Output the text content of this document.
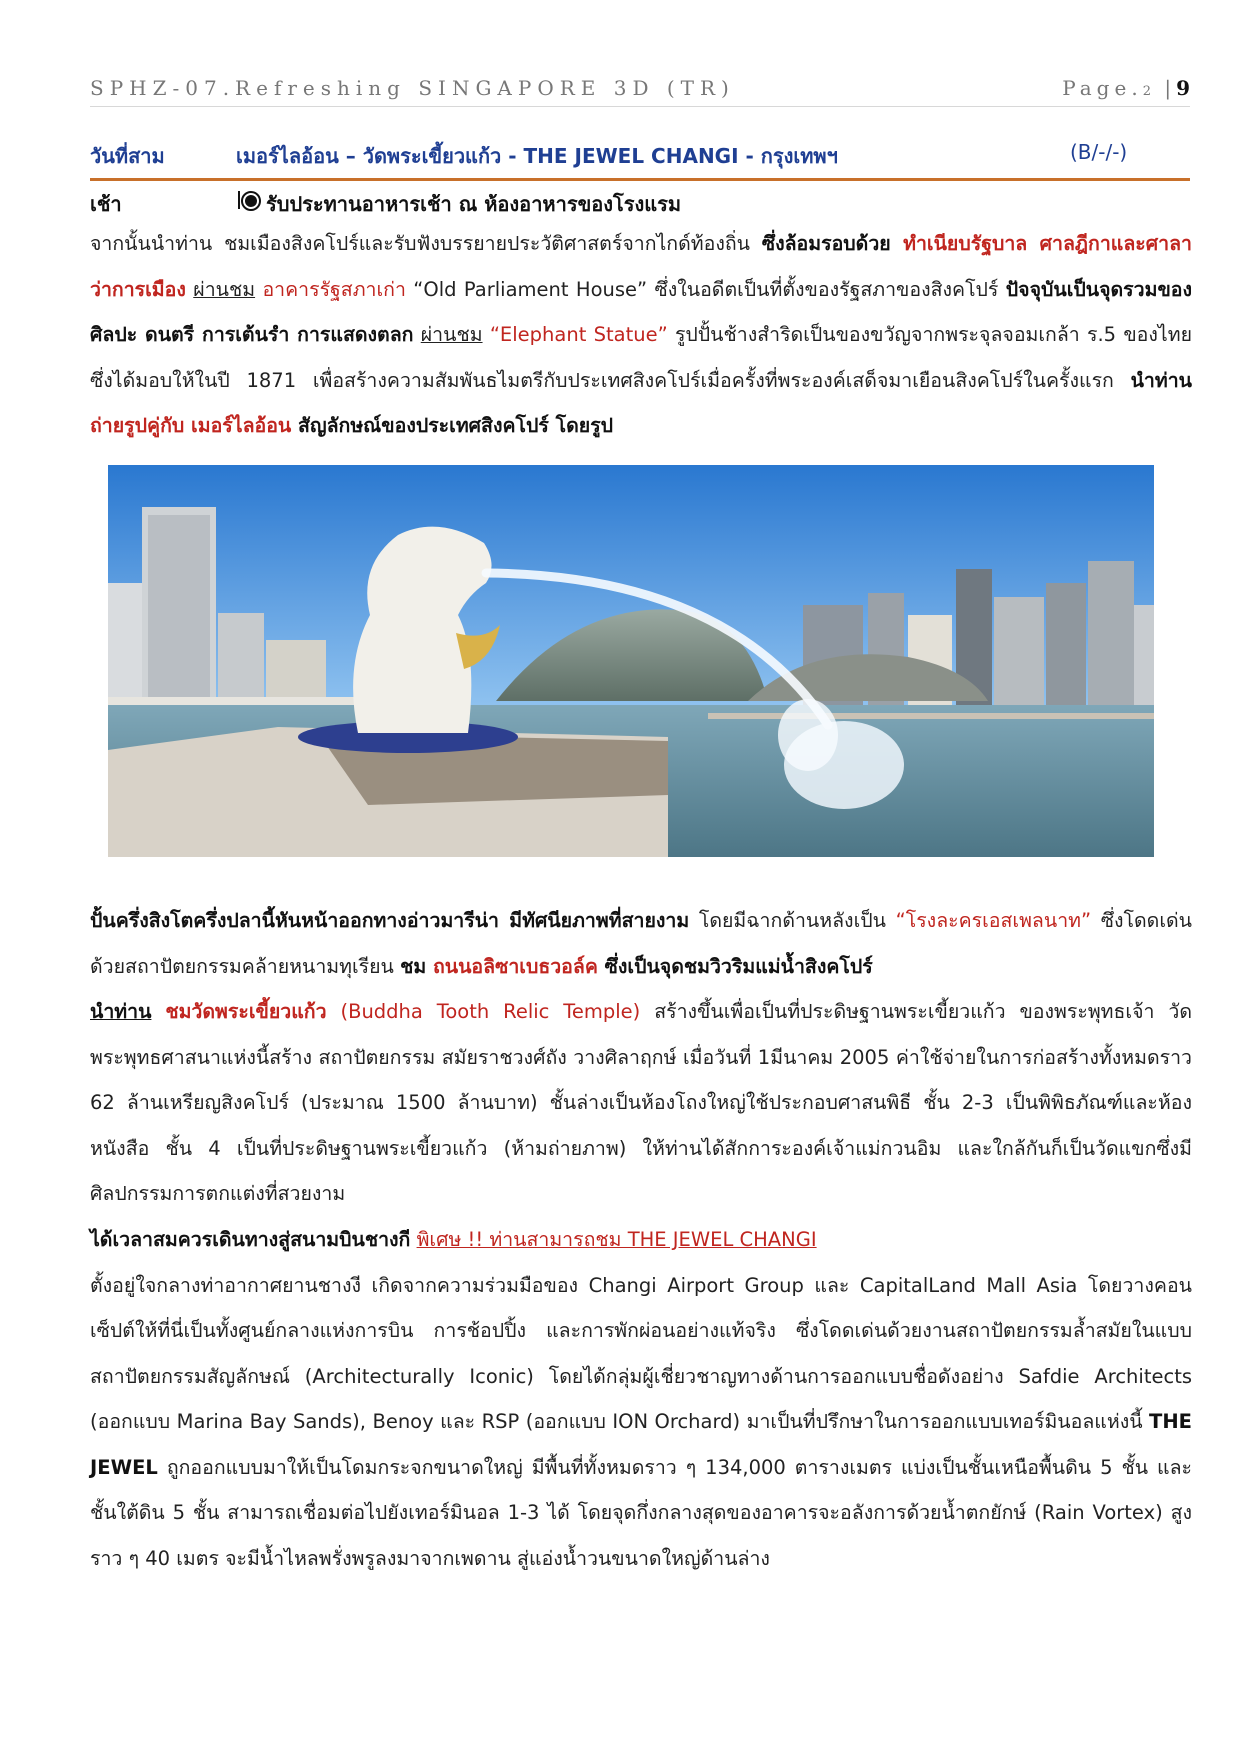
SPHZ-07.Refreshing SINGAPORE 3D (TR)	Page.2 |9
วันที่สาม	เมอร์ไลอ้อน – วัดพระเขี้ยวแก้ว - THE JEWEL CHANGI - กรุงเทพฯ	(B/-/-)
เช้า	รับประทานอาหารเช้า ณ ห้องอาหารของโรงแรม
จากนั้นนำท่าน ชมเมืองสิงคโปร์และรับฟังบรรยายประวัติศาสตร์จากไกด์ท้องถิ่น ซึ่งล้อมรอบด้วย ทำเนียบรัฐบาล ศาลฎีกาและศาลาว่าการเมือง ผ่านชม อาคารรัฐสภาเก่า “Old Parliament House” ซึ่งในอดีตเป็นที่ตั้งของรัฐสภาของสิงคโปร์ ปัจจุบันเป็นจุดรวมของศิลปะ ดนตรี การเต้นรำ การแสดงตลก ผ่านชม “Elephant Statue” รูปปั้นช้างสำริดเป็นของขวัญจากพระจุลจอมเกล้า ร.5 ของไทย ซึ่งได้มอบให้ในปี 1871 เพื่อสร้างความสัมพันธไมตรีกับประเทศสิงคโปร์เมื่อครั้งที่พระองค์เสด็จมาเยือนสิงคโปร์ในครั้งแรก นำท่าน ถ่ายรูปคู่กับ เมอร์ไลอ้อน สัญลักษณ์ของประเทศสิงคโปร์ โดยรูป
ปั้นครึ่งสิงโตครึ่งปลานี้หันหน้าออกทางอ่าวมารีน่า มีทัศนียภาพที่สายงาม โดยมีฉากด้านหลังเป็น “โรงละครเอสเพลนาท” ซึ่งโดดเด่นด้วยสถาปัตยกรรมคล้ายหนามทุเรียน ชม ถนนอลิซาเบธวอล์ค ซึ่งเป็นจุดชมวิวริมแม่น้ำสิงคโปร์
นำท่าน ชมวัดพระเขี้ยวแก้ว (Buddha Tooth Relic Temple) สร้างขึ้นเพื่อเป็นที่ประดิษฐานพระเขี้ยวแก้ว ของพระพุทธเจ้า วัดพระพุทธศาสนาแห่งนี้สร้าง สถาปัตยกรรม สมัยราชวงศ์ถัง วางศิลาฤกษ์ เมื่อวันที่ 1มีนาคม 2005 ค่าใช้จ่ายในการก่อสร้างทั้งหมดราว 62 ล้านเหรียญสิงคโปร์ (ประมาณ 1500 ล้านบาท) ชั้นล่างเป็นห้องโถงใหญ่ใช้ประกอบศาสนพิธี ชั้น 2-3 เป็นพิพิธภัณฑ์และห้องหนังสือ ชั้น 4 เป็นที่ประดิษฐานพระเขี้ยวแก้ว (ห้ามถ่ายภาพ) ให้ท่านได้สักการะองค์เจ้าแม่กวนอิม และใกล้กันก็เป็นวัดแขกซึ่งมีศิลปกรรมการตกแต่งที่สวยงาม
ได้เวลาสมควรเดินทางสู่สนามบินชางกี พิเศษ !! ท่านสามารถชม THE JEWEL CHANGI
ตั้งอยู่ใจกลางท่าอากาศยานชางงี เกิดจากความร่วมมือของ Changi Airport Group และ CapitalLand Mall Asia โดยวางคอนเซ็ปต์ให้ที่นี่เป็นทั้งศูนย์กลางแห่งการบิน การช้อปปิ้ง และการพักผ่อนอย่างแท้จริง ซึ่งโดดเด่นด้วยงานสถาปัตยกรรมล้ำสมัยในแบบสถาปัตยกรรมสัญลักษณ์ (Architecturally Iconic) โดยได้กลุ่มผู้เชี่ยวชาญทางด้านการออกแบบชื่อดังอย่าง Safdie Architects (ออกแบบ Marina Bay Sands), Benoy และ RSP (ออกแบบ ION Orchard) มาเป็นที่ปรึกษาในการออกแบบเทอร์มินอลแห่งนี้ THE JEWEL ถูกออกแบบมาให้เป็นโดมกระจกขนาดใหญ่ มีพื้นที่ทั้งหมดราว ๆ 134,000 ตารางเมตร แบ่งเป็นชั้นเหนือพื้นดิน 5 ชั้น และชั้นใต้ดิน 5 ชั้น สามารถเชื่อมต่อไปยังเทอร์มินอล 1-3 ได้ โดยจุดกึ่งกลางสุดของอาคารจะอลังการด้วยน้ำตกยักษ์ (Rain Vortex) สูงราว ๆ 40 เมตร จะมีน้ำไหลพรั่งพรูลงมาจากเพดาน สู่แอ่งน้ำวนขนาดใหญ่ด้านล่าง
